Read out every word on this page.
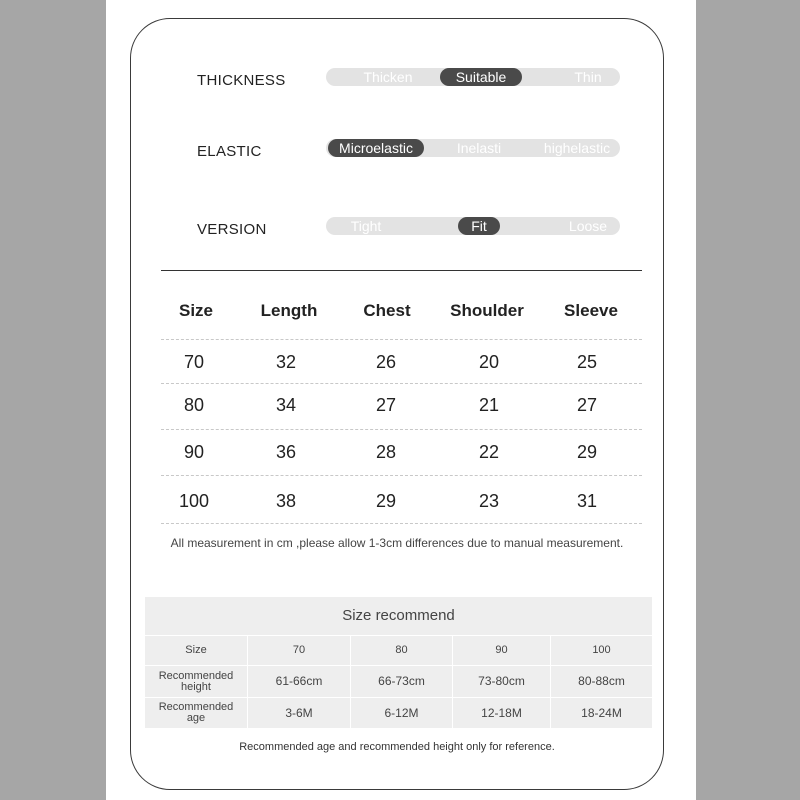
THICKNESS	Thicken	Suitable	Thin
ELASTIC	Microelastic	Inelasti	highelastic
VERSION	Tight	Fit	Loose
Size	Length	Chest	Shoulder	Sleeve
70	32	26	20	25
80	34	27	21	27
90	36	28	22	29
100	38	29	23	31
All measurement in cm ,please allow 1-3cm differences due to manual measurement.
Size recommend
Size	70	80	90	100
Recommended height	61-66cm	66-73cm	73-80cm	80-88cm
Recommended age	3-6M	6-12M	12-18M	18-24M
Recommended age and recommended height only for reference.
